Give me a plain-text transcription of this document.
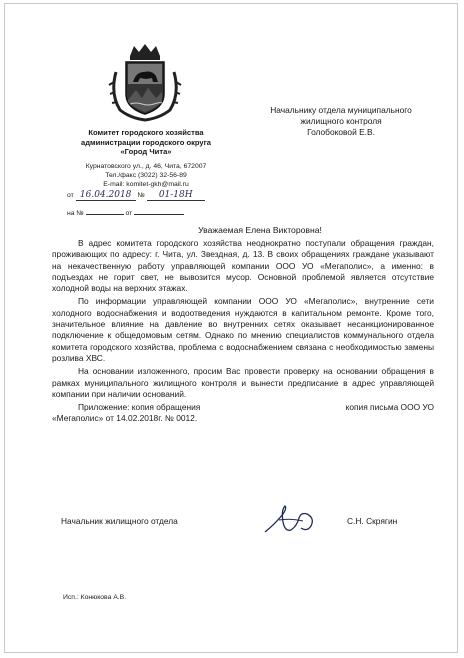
Комитет городского хозяйства
администрации городского округа
«Город Чита»
Курнатовского ул., д. 46, Чита, 672007
Тел./факс (3022) 32-56-89
E-mail: komitet-gkh@mail.ru
от 16.04.2018 № 01-18Н
на №	от
Начальнику отдела муниципального
жилищного контроля
Голобоковой Е.В.
Уважаемая Елена Викторовна!

В адрес комитета городского хозяйства неоднократно поступали обращения граждан, проживающих по адресу: г. Чита, ул. Звездная, д. 13. В своих обращениях граждане указывают на некачественную работу управляющей компании ООО УО «Мегаполис», а именно: в подъездах не горит свет, не вывозится мусор. Основной проблемой является отсутствие холодной воды на верхних этажах.

По информации управляющей компании ООО УО «Мегаполис», внутренние сети холодного водоснабжения и водоотведения нуждаются в капитальном ремонте. Кроме того, значительное влияние на давление во внутренних сетях оказывает несанкционированное подключение к общедомовым сетям. Однако по мнению специалистов коммунального отдела комитета городского хозяйства, проблема с водоснабжением связана с необходимостью замены розлива ХВС.

На основании изложенного, просим Вас провести проверку на основании обращения в рамках муниципального жилищного контроля и вынести предписание в адрес управляющей компании при наличии оснований.

Приложение: копия обращения	копия письма ООО УО
«Мегаполис» от 14.02.2018г. № 0012.
Начальник жилищного отдела	С.Н. Скрягин
Исп.: Конюкова А.В.
